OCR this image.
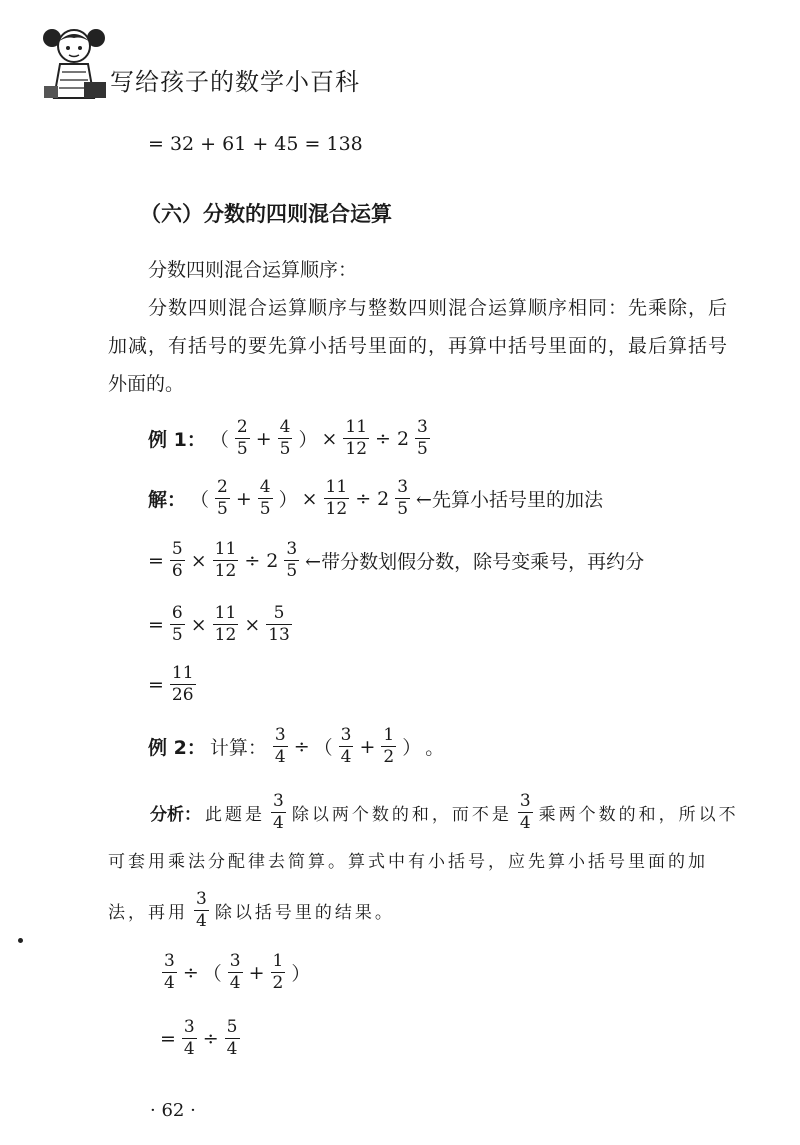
写给孩子的数学小百科
= 32 + 61 + 45 = 138
（六）分数的四则混合运算
分数四则混合运算顺序：
分数四则混合运算顺序与整数四则混合运算顺序相同：先乘除，后
加减，有括号的要先算小括号里面的，再算中括号里面的，最后算括号
外面的。
例 1： （ $\frac{2}{5} + \frac{4}{5}$ ） × $\frac{11}{12} \div 2 \frac{3}{5}$
解： （ $\frac{2}{5} + \frac{4}{5}$ ） × $\frac{11}{12} \div 2 \frac{3}{5}$ ←先算小括号里的加法
= $\frac{5}{6} \times \frac{11}{12} \div 2 \frac{3}{5}$ ←带分数划假分数，除号变乘号，再约分
= $\frac{6}{5} \times \frac{11}{12} \times \frac{5}{13}$
= $\frac{11}{26}$
例 2： 计算： $\frac{3}{4}$ ÷ （ $\frac{3}{4} + \frac{1}{2}$ ） 。
分析： 此题是 $\frac{3}{4}$ 除以两个数的和，而不是 $\frac{3}{4}$ 乘两个数的和，所以不
可套用乘法分配律去简算。算式中有小括号，应先算小括号里面的加
法，再用 $\frac{3}{4}$ 除以括号里的结果。
$\frac{3}{4}$ ÷ （ $\frac{3}{4} + \frac{1}{2}$ ）
= $\frac{3}{4} \div \frac{5}{4}$
· 62 ·
